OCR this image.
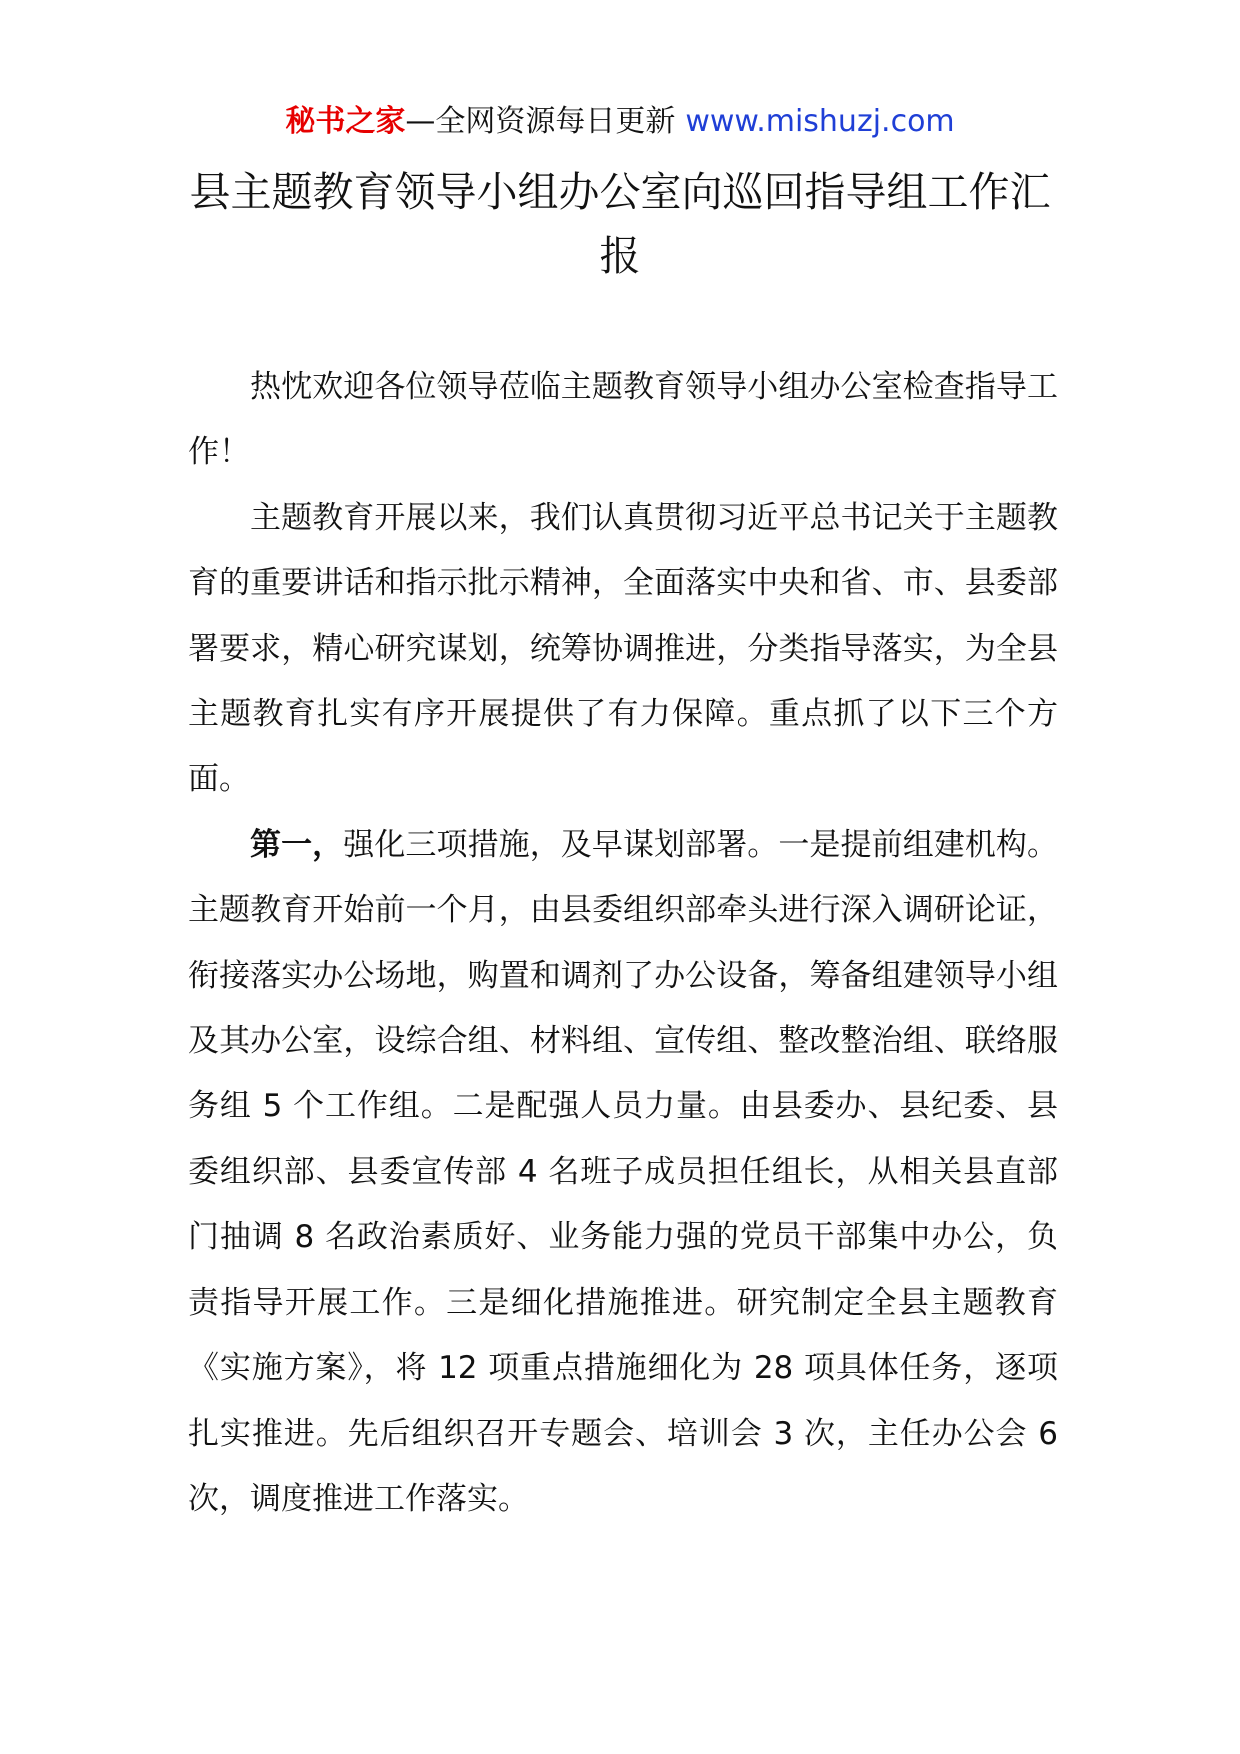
秘书之家—全网资源每日更新 www.mishuzj.com
县主题教育领导小组办公室向巡回指导组工作汇报

热忱欢迎各位领导莅临主题教育领导小组办公室检查指导工作！

主题教育开展以来，我们认真贯彻习近平总书记关于主题教育的重要讲话和指示批示精神，全面落实中央和省、市、县委部署要求，精心研究谋划，统筹协调推进，分类指导落实，为全县主题教育扎实有序开展提供了有力保障。重点抓了以下三个方面。

第一，强化三项措施，及早谋划部署。一是提前组建机构。主题教育开始前一个月，由县委组织部牵头进行深入调研论证，衔接落实办公场地，购置和调剂了办公设备，筹备组建领导小组及其办公室，设综合组、材料组、宣传组、整改整治组、联络服务组 5 个工作组。二是配强人员力量。由县委办、县纪委、县委组织部、县委宣传部 4 名班子成员担任组长，从相关县直部门抽调 8 名政治素质好、业务能力强的党员干部集中办公，负责指导开展工作。三是细化措施推进。研究制定全县主题教育《实施方案》，将 12 项重点措施细化为 28 项具体任务，逐项扎实推进。先后组织召开专题会、培训会 3 次，主任办公会 6 次，调度推进工作落实。
